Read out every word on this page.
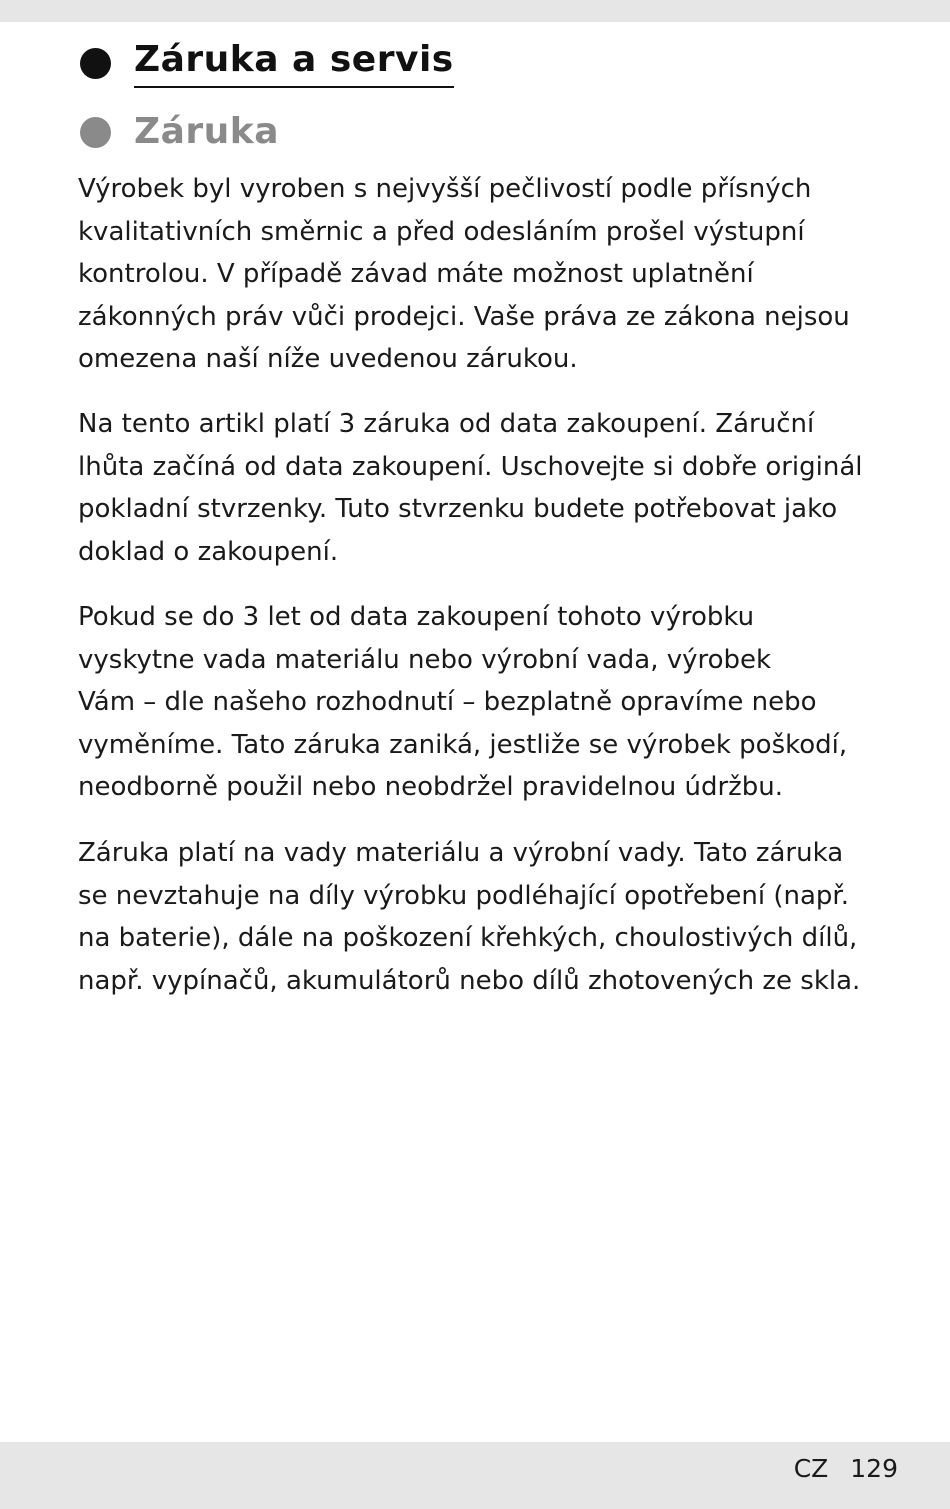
Záruka a servis
Záruka

Výrobek byl vyroben s nejvyšší pečlivostí podle přísných
kvalitativních směrnic a před odesláním prošel výstupní
kontrolou. V případě závad máte možnost uplatnění
zákonných práv vůči prodejci. Vaše práva ze zákona nejsou
omezena naší níže uvedenou zárukou.

Na tento artikl platí 3 záruka od data zakoupení. Záruční
lhůta začíná od data zakoupení. Uschovejte si dobře originál
pokladní stvrzenky. Tuto stvrzenku budete potřebovat jako
doklad o zakoupení.

Pokud se do 3 let od data zakoupení tohoto výrobku
vyskytne vada materiálu nebo výrobní vada, výrobek
Vám – dle našeho rozhodnutí – bezplatně opravíme nebo
vyměníme. Tato záruka zaniká, jestliže se výrobek poškodí,
neodborně použil nebo neobdržel pravidelnou údržbu.

Záruka platí na vady materiálu a výrobní vady. Tato záruka
se nevztahuje na díly výrobku podléhající opotřebení (např.
na baterie), dále na poškození křehkých, choulostivých dílů,
např. vypínačů, akumulátorů nebo dílů zhotovených ze skla.

CZ 129
